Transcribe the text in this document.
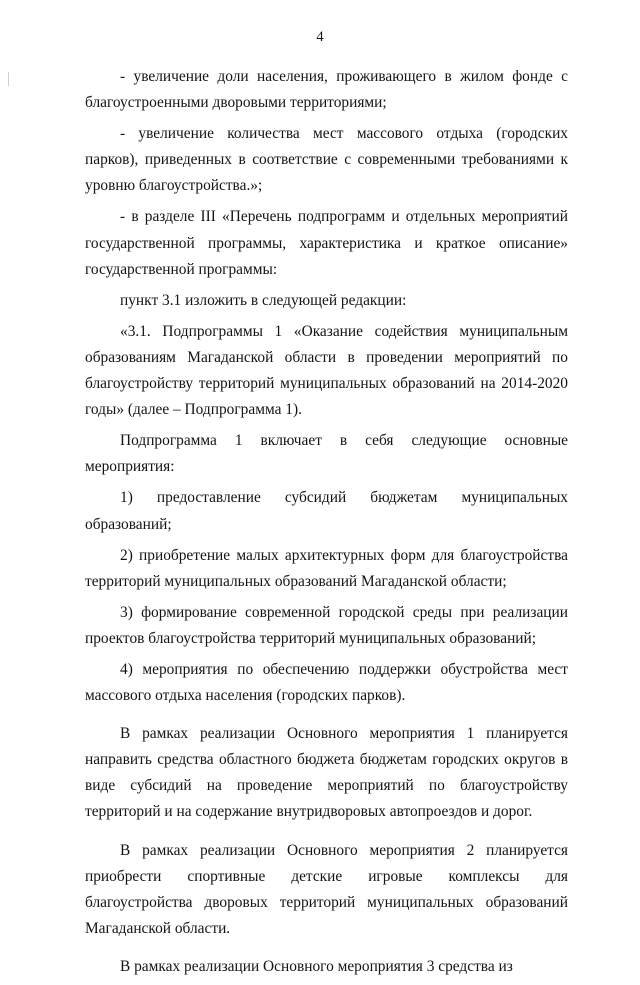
4

- увеличение доли населения, проживающего в жилом фонде с благоустроенными дворовыми территориями;

- увеличение количества мест массового отдыха (городских парков), приведенных в соответствие с современными требованиями к уровню благоустройства.»;

- в разделе III «Перечень подпрограмм и отдельных мероприятий государственной программы, характеристика и краткое описание» государственной программы:

пункт 3.1 изложить в следующей редакции:

«3.1. Подпрограммы 1 «Оказание содействия муниципальным образованиям Магаданской области в проведении мероприятий по благоустройству территорий муниципальных образований на 2014-2020 годы» (далее – Подпрограмма 1).

Подпрограмма 1 включает в себя следующие основные мероприятия:

1) предоставление субсидий бюджетам муниципальных образований;

2) приобретение малых архитектурных форм для благоустройства территорий муниципальных образований Магаданской области;

3) формирование современной городской среды при реализации проектов благоустройства территорий муниципальных образований;

4) мероприятия по обеспечению поддержки обустройства мест массового отдыха населения (городских парков).

В рамках реализации Основного мероприятия 1 планируется направить средства областного бюджета бюджетам городских округов в виде субсидий на проведение мероприятий по благоустройству территорий и на содержание внутридворовых автопроездов и дорог.

В рамках реализации Основного мероприятия 2 планируется приобрести спортивные детские игровые комплексы для благоустройства дворовых территорий муниципальных образований Магаданской области.

В рамках реализации Основного мероприятия 3 средства из
